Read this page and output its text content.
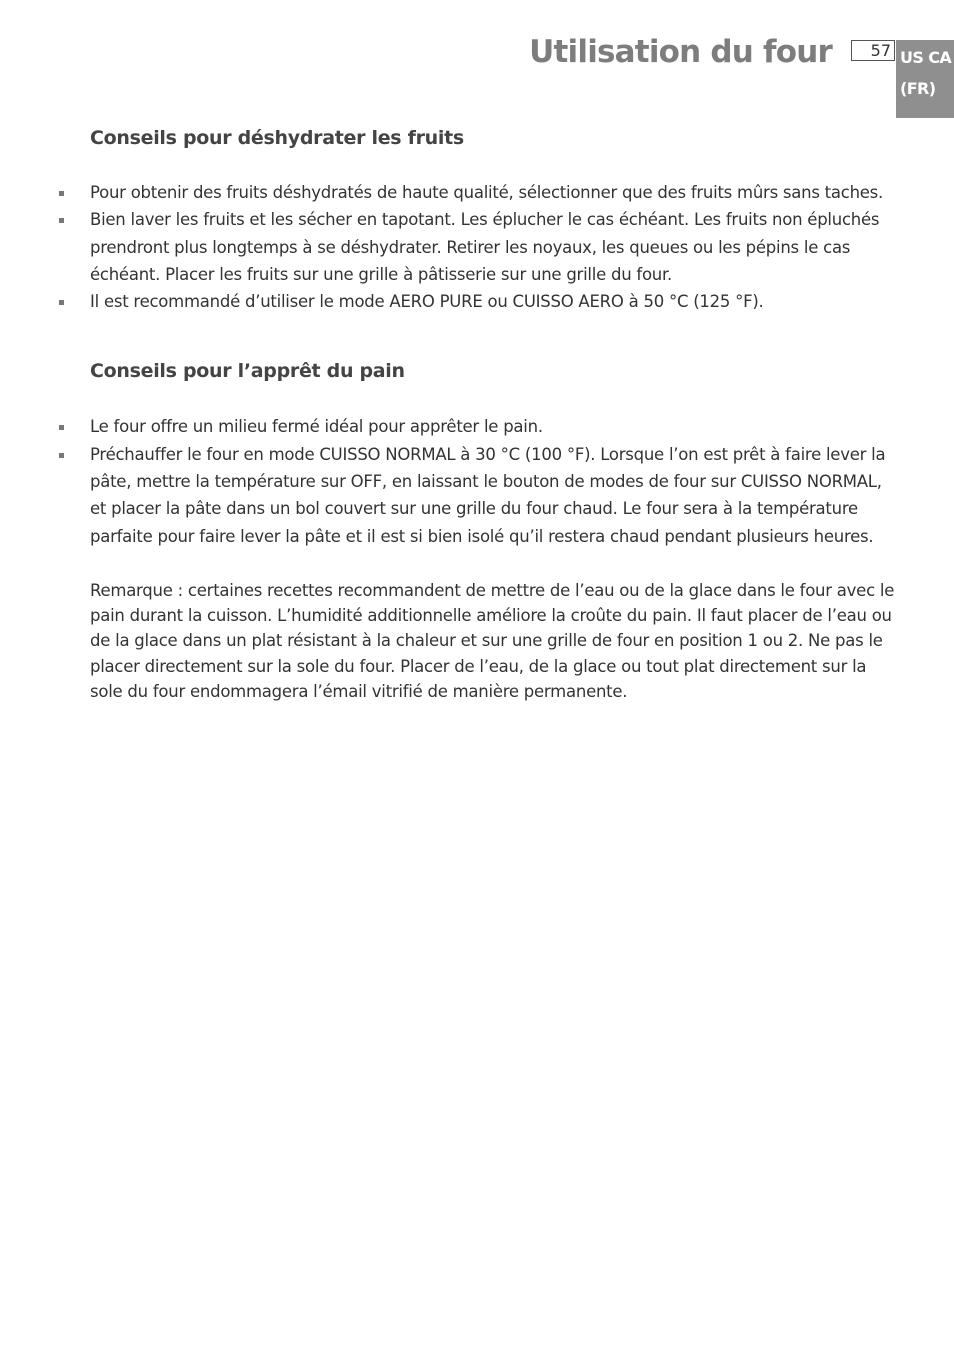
Utilisation du four	57 US CA
(FR)
Conseils pour déshydrater les fruits
Pour obtenir des fruits déshydratés de haute qualité, sélectionner que des fruits mûrs sans taches.
Bien laver les fruits et les sécher en tapotant. Les éplucher le cas échéant. Les fruits non épluchés prendront plus longtemps à se déshydrater. Retirer les noyaux, les queues ou les pépins le cas échéant. Placer les fruits sur une grille à pâtisserie sur une grille du four.
Il est recommandé d’utiliser le mode AERO PURE ou CUISSO AERO à 50 °C (125 °F).
Conseils pour l’apprêt du pain
Le four offre un milieu fermé idéal pour apprêter le pain.
Préchauffer le four en mode CUISSO NORMAL à 30 °C (100 °F). Lorsque l’on est prêt à faire lever la pâte, mettre la température sur OFF, en laissant le bouton de modes de four sur CUISSO NORMAL, et placer la pâte dans un bol couvert sur une grille du four chaud. Le four sera à la température parfaite pour faire lever la pâte et il est si bien isolé qu’il restera chaud pendant plusieurs heures.

Remarque : certaines recettes recommandent de mettre de l’eau ou de la glace dans le four avec le pain durant la cuisson. L’humidité additionnelle améliore la croûte du pain. Il faut placer de l’eau ou de la glace dans un plat résistant à la chaleur et sur une grille de four en position 1 ou 2. Ne pas le placer directement sur la sole du four. Placer de l’eau, de la glace ou tout plat directement sur la sole du four endommagera l’émail vitrifié de manière permanente.
